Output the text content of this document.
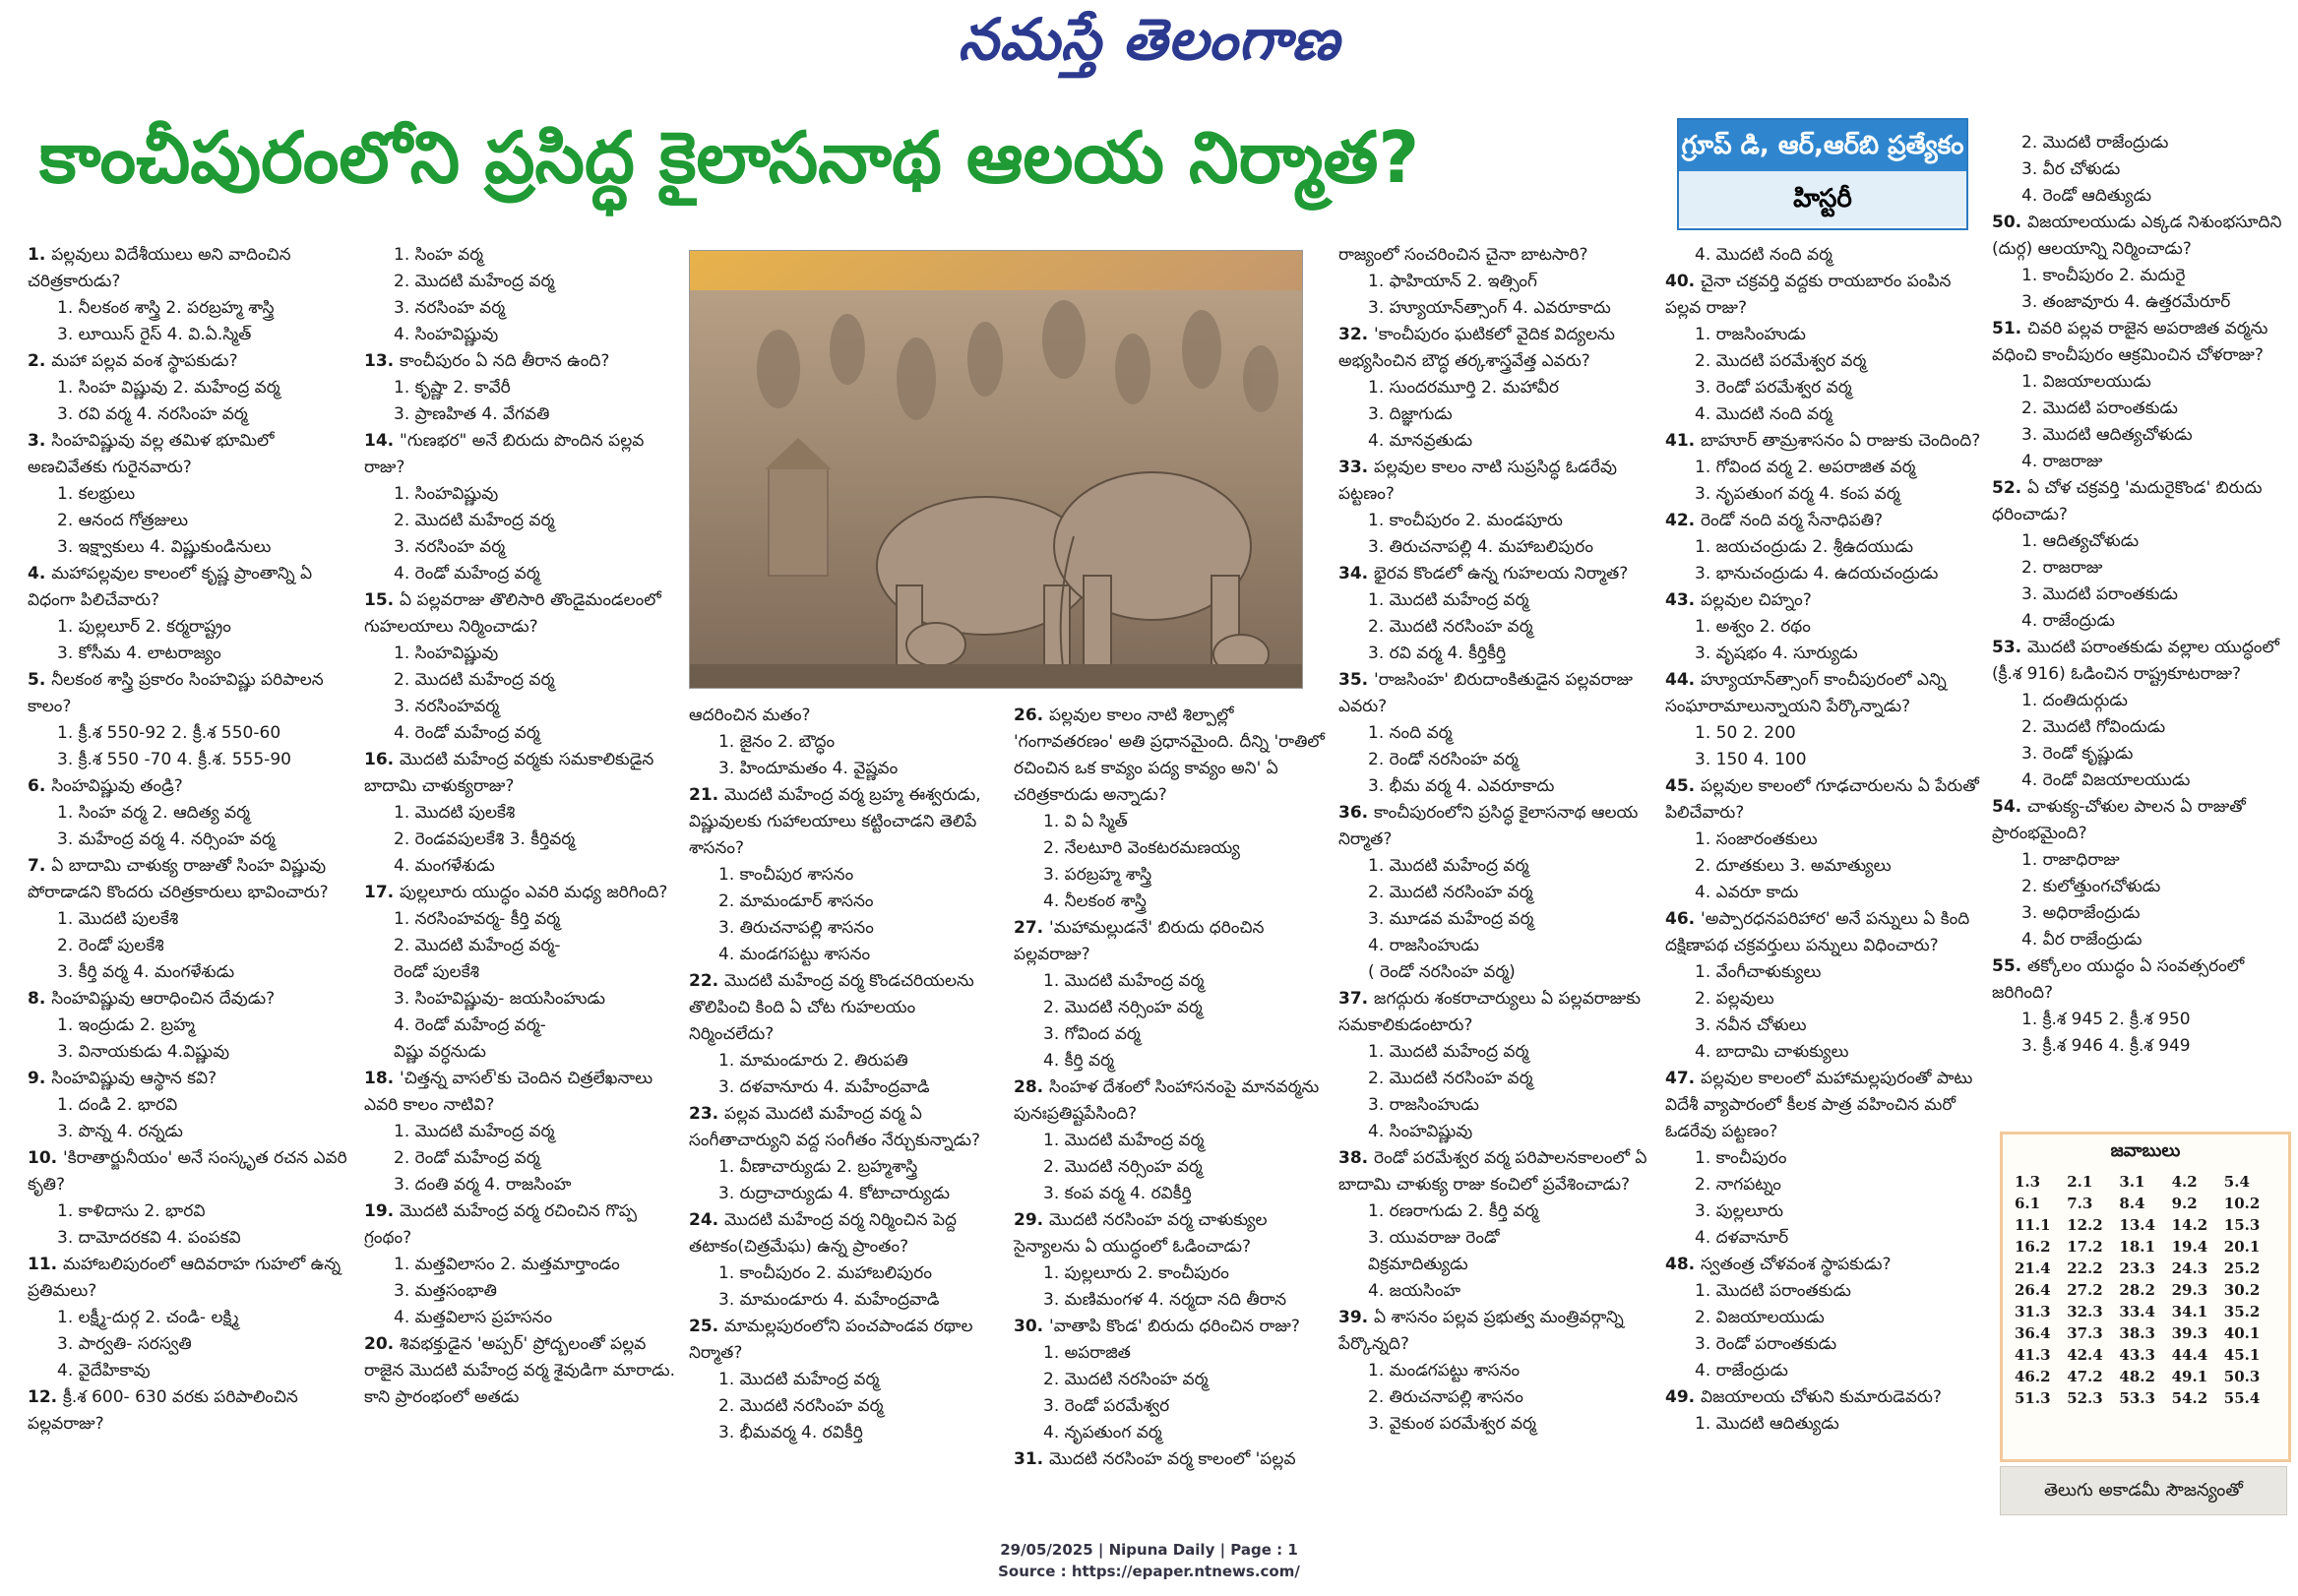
నమస్తే తెలంగాణ
కాంచీపురంలోని ప్రసిద్ధ కైలాసనాథ ఆలయ నిర్మాత?	గ్రూప్ డి, ఆర్,ఆర్‌బి ప్రత్యేకం
హిస్టరీ
1. పల్లవులు విదేశీయులు అని వాదించిన చరిత్రకారుడు?
1. నీలకంఠ శాస్త్రి 2. పరబ్రహ్మ శాస్త్రి
3. లూయిస్ రైస్ 4. వి.ఏ.స్మిత్
2. మహా పల్లవ వంశ స్థాపకుడు?
1. సింహ విష్ణువు 2. మహేంద్ర వర్మ
3. రవి వర్మ 4. నరసింహ వర్మ
3. సింహవిష్ణువు వల్ల తమిళ భూమిలో అణచివేతకు గురైనవారు?
1. కలభ్రులు
2. ఆనంద గోత్రజులు
3. ఇక్ష్వాకులు 4. విష్ణుకుండినులు
4. మహాపల్లవుల కాలంలో కృష్ణ ప్రాంతాన్ని ఏ విధంగా పిలిచేవారు?
1. పుల్లలూర్ 2. కర్మరాష్ట్రం
3. కోసీమ 4. లాటరాజ్యం
5. నీలకంఠ శాస్త్రి ప్రకారం సింహవిష్ణు పరిపాలన కాలం?
1. క్రీ.శ 550-92 2. క్రీ.శ 550-60
3. క్రీ.శ 550 -70 4. క్రీ.శ. 555-90
6. సింహవిష్ణువు తండ్రి?
1. సింహ వర్మ 2. ఆదిత్య వర్మ
3. మహేంద్ర వర్మ 4. నర్సింహ వర్మ
7. ఏ బాదామి చాళుక్య రాజుతో సింహ విష్ణువు పోరాడాడని కొందరు చరిత్రకారులు భావించారు?
1. మొదటి పులకేశి
2. రెండో పులకేశి
3. కీర్తి వర్మ 4. మంగళేశుడు
8. సింహవిష్ణువు ఆరాధించిన దేవుడు?
1. ఇంద్రుడు 2. బ్రహ్మ
3. వినాయకుడు 4.విష్ణువు
9. సింహవిష్ణువు ఆస్థాన కవి?
1. దండి 2. భారవి
3. పొన్న 4. రన్నడు
10. 'కిరాతార్జునీయం' అనే సంస్కృత రచన ఎవరి కృతి?
1. కాళిదాసు 2. భారవి
3. దామోదరకవి 4. పంపకవి
11. మహాబలిపురంలో ఆదివరాహ గుహలో ఉన్న ప్రతిమలు?
1. లక్ష్మీ-దుర్గ 2. చండి- లక్ష్మి
3. పార్వతి- సరస్వతి
4. వైదేహికావు
12. క్రీ.శ 600- 630 వరకు పరిపాలించిన పల్లవరాజు?
1. సింహ వర్మ
2. మొదటి మహేంద్ర వర్మ
3. నరసింహ వర్మ
4. సింహవిష్ణువు
13. కాంచీపురం ఏ నది తీరాన ఉంది?
1. కృష్ణా 2. కావేరీ
3. ప్రాణహిత 4. వేగవతి
14. "గుణభర" అనే బిరుదు పొందిన పల్లవ రాజు?
1. సింహవిష్ణువు
2. మొదటి మహేంద్ర వర్మ
3. నరసింహ వర్మ
4. రెండో మహేంద్ర వర్మ
15. ఏ పల్లవరాజు తొలిసారి తొండైమండలంలో గుహలయాలు నిర్మించాడు?
1. సింహవిష్ణువు
2. మొదటి మహేంద్ర వర్మ
3. నరసింహవర్మ
4. రెండో మహేంద్ర వర్మ
16. మొదటి మహేంద్ర వర్మకు సమకాలికుడైన బాదామి చాళుక్యరాజు?
1. మొదటి పులకేశి
2. రెండవపులకేశి 3. కీర్తివర్మ
4. మంగళేశుడు
17. పుల్లలూరు యుద్ధం ఎవరి మధ్య జరిగింది?
1. నరసింహవర్మ- కీర్తి వర్మ
2. మొదటి మహేంద్ర వర్మ-
రెండో పులకేశి
3. సింహవిష్ణువు- జయసింహుడు
4. రెండో మహేంద్ర వర్మ-
విష్ణు వర్ధనుడు
18. 'చిత్తన్న వాసల్'కు చెందిన చిత్రలేఖనాలు ఎవరి కాలం నాటివి?
1. మొదటి మహేంద్ర వర్మ
2. రెండో మహేంద్ర వర్మ
3. దంతి వర్మ 4. రాజసింహ
19. మొదటి మహేంద్ర వర్మ రచించిన గొప్ప గ్రంథం?
1. మత్తవిలాసం 2. మత్తమార్తాండం
3. మత్తసంభాతి
4. మత్తవిలాస ప్రహసనం
20. శివభక్తుడైన 'అప్పర్' ప్రోద్బలంతో పల్లవ రాజైన మొదటి మహేంద్ర వర్మ శైవుడిగా మారాడు. కాని ప్రారంభంలో అతడు
ఆదరించిన మతం?
1. జైనం 2. బౌద్ధం
3. హిందూమతం 4. వైష్ణవం
21. మొదటి మహేంద్ర వర్మ బ్రహ్మ ఈశ్వరుడు, విష్ణువులకు గుహాలయాలు కట్టించాడని తెలిపే శాసనం?
1. కాంచీపుర శాసనం
2. మామండూర్ శాసనం
3. తిరుచనాపల్లి శాసనం
4. మండగపట్టు శాసనం
22. మొదటి మహేంద్ర వర్మ కొండచరియలను తొలిపించి కింది ఏ చోట గుహలయం నిర్మించలేదు?
1. మామండూరు 2. తిరుపతి
3. దళవానూరు 4. మహేంద్రవాడి
23. పల్లవ మొదటి మహేంద్ర వర్మ ఏ సంగీతాచార్యుని వద్ద సంగీతం నేర్చుకున్నాడు?
1. వీణాచార్యుడు 2. బ్రహ్మశాస్త్రి
3. రుద్రాచార్యుడు 4. కోటాచార్యుడు
24. మొదటి మహేంద్ర వర్మ నిర్మించిన పెద్ద తటాకం(చిత్రమేఘ) ఉన్న ప్రాంతం?
1. కాంచీపురం 2. మహాబలిపురం
3. మామండూరు 4. మహేంద్రవాడి
25. మామల్లపురంలోని పంచపాండవ రథాల నిర్మాత?
1. మొదటి మహేంద్ర వర్మ
2. మొదటి నరసింహ వర్మ
3. భీమవర్మ 4. రవికీర్తి
26. పల్లవుల కాలం నాటి శిల్పాల్లో 'గంగావతరణం' అతి ప్రధానమైంది. దీన్ని 'రాతిలో రచించిన ఒక కావ్యం పద్య కావ్యం అని' ఏ చరిత్రకారుడు అన్నాడు?
1. వి ఏ స్మిత్
2. నేలటూరి వెంకటరమణయ్య
3. పరబ్రహ్మ శాస్త్రి
4. నీలకంఠ శాస్త్రి
27. 'మహామల్లుడనే' బిరుదు ధరించిన పల్లవరాజు?
1. మొదటి మహేంద్ర వర్మ
2. మొదటి నర్సింహ వర్మ
3. గోవింద వర్మ
4. కీర్తి వర్మ
28. సింహళ దేశంలో సింహాసనంపై మానవర్మను పునఃప్రతిష్టపేసింది?
1. మొదటి మహేంద్ర వర్మ
2. మొదటి నర్సింహ వర్మ
3. కంప వర్మ 4. రవికీర్తి
29. మొదటి నరసింహ వర్మ చాళుక్యుల సైన్యాలను ఏ యుద్ధంలో ఓడించాడు?
1. పుల్లలూరు 2. కాంచీపురం
3. మణిమంగళ 4. నర్మదా నది తీరాన
30. 'వాతాపి కొండ' బిరుదు ధరించిన రాజు?
1. అపరాజిత
2. మొదటి నరసింహ వర్మ
3. రెండో పరమేశ్వర
4. నృపతుంగ వర్మ
31. మొదటి నరసింహ వర్మ కాలంలో 'పల్లవ
రాజ్యంలో సంచరించిన చైనా బాటసారి?
1. ఫాహియాన్ 2. ఇత్సింగ్
3. హ్యూయాన్‌త్సాంగ్ 4. ఎవరూకాదు
32. 'కాంచీపురం ఘటికలో వైదిక విద్యలను అభ్యసించిన బౌద్ధ తర్కశాస్త్రవేత్త ఎవరు?
1. సుందరమూర్తి 2. మహావీర
3. దిజ్ఞాగుడు
4. మానవ్రతుడు
33. పల్లవుల కాలం నాటి సుప్రసిద్ధ ఓడరేవు పట్టణం?
1. కాంచీపురం 2. మండపూరు
3. తిరుచనాపల్లి 4. మహాబలిపురం
34. భైరవ కొండలో ఉన్న గుహలయ నిర్మాత?
1. మొదటి మహేంద్ర వర్మ
2. మొదటి నరసింహ వర్మ
3. రవి వర్మ 4. కీర్తికీర్తి
35. 'రాజసింహ' బిరుదాంకితుడైన పల్లవరాజు ఎవరు?
1. నంది వర్మ
2. రెండో నరసింహ వర్మ
3. భీమ వర్మ 4. ఎవరూకాదు
36. కాంచీపురంలోని ప్రసిద్ధ కైలాసనాథ ఆలయ నిర్మాత?
1. మొదటి మహేంద్ర వర్మ
2. మొదటి నరసింహ వర్మ
3. మూడవ మహేంద్ర వర్మ
4. రాజసింహుడు
( రెండో నరసింహ వర్మ)
37. జగద్గురు శంకరాచార్యులు ఏ పల్లవరాజుకు సమకాలికుడంటారు?
1. మొదటి మహేంద్ర వర్మ
2. మొదటి నరసింహ వర్మ
3. రాజసింహుడు
4. సింహవిష్ణువు
38. రెండో పరమేశ్వర వర్మ పరిపాలనకాలంలో ఏ బాదామి చాళుక్య రాజు కంచిలో ప్రవేశించాడు?
1. రణరాగుడు 2. కీర్తి వర్మ
3. యువరాజు రెండో
విక్రమాదిత్యుడు
4. జయసింహ
39. ఏ శాసనం పల్లవ ప్రభుత్వ మంత్రివర్గాన్ని పేర్కొన్నది?
1. మండగపట్టు శాసనం
2. తిరుచనాపల్లి శాసనం
3. వైకుంఠ పరమేశ్వర వర్మ
4. మొదటి నంది వర్మ
40. చైనా చక్రవర్తి వద్దకు రాయబారం పంపిన పల్లవ రాజు?
1. రాజసింహుడు
2. మొదటి పరమేశ్వర వర్మ
3. రెండో పరమేశ్వర వర్మ
4. మొదటి నంది వర్మ
41. బాహూర్ తామ్రశాసనం ఏ రాజుకు చెందింది?
1. గోవింద వర్మ 2. అపరాజిత వర్మ
3. నృపతుంగ వర్మ 4. కంప వర్మ
42. రెండో నంది వర్మ సేనాధిపతి?
1. జయచంద్రుడు 2. శ్రీఉదయుడు
3. భానుచంద్రుడు 4. ఉదయచంద్రుడు
43. పల్లవుల చిహ్నం?
1. అశ్వం 2. రథం
3. వృషభం 4. సూర్యుడు
44. హ్యూయాన్‌త్సాంగ్ కాంచీపురంలో ఎన్ని సంఘారామాలున్నాయని పేర్కొన్నాడు?
1. 50 2. 200
3. 150 4. 100
45. పల్లవుల కాలంలో గూఢచారులను ఏ పేరుతో పిలిచేవారు?
1. సంజారంతకులు
2. దూతకులు 3. అమాత్యులు
4. ఎవరూ కాదు
46. 'అప్పారధనపరిహార' అనే పన్నులు ఏ కింది దక్షిణాపథ చక్రవర్తులు పన్నులు విధించారు?
1. వేంగీచాళుక్యులు
2. పల్లవులు
3. నవీన చోళులు
4. బాదామి చాళుక్యులు
47. పల్లవుల కాలంలో మహామల్లపురంతో పాటు విదేశీ వ్యాపారంలో కీలక పాత్ర వహించిన మరో ఓడరేవు పట్టణం?
1. కాంచీపురం
2. నాగపట్నం
3. పుల్లలూరు
4. దళవానూర్
48. స్వతంత్ర చోళవంశ స్థాపకుడు?
1. మొదటి పరాంతకుడు
2. విజయాలయుడు
3. రెండో పరాంతకుడు
4. రాజేంద్రుడు
49. విజయాలయ చోళుని కుమారుడెవరు?
1. మొదటి ఆదిత్యుడు
2. మొదటి రాజేంద్రుడు
3. వీర చోళుడు
4. రెండో ఆదిత్యుడు
50. విజయాలయుడు ఎక్కడ నిశుంభసూదిని (దుర్గ) ఆలయాన్ని నిర్మించాడు?
1. కాంచీపురం 2. మదురై
3. తంజావూరు 4. ఉత్తరమేరూర్
51. చివరి పల్లవ రాజైన అపరాజిత వర్మను వధించి కాంచీపురం ఆక్రమించిన చోళరాజు?
1. విజయాలయుడు
2. మొదటి పరాంతకుడు
3. మొదటి ఆదిత్యచోళుడు
4. రాజరాజు
52. ఏ చోళ చక్రవర్తి 'మదురైకొండ' బిరుదు ధరించాడు?
1. ఆదిత్యచోళుడు
2. రాజరాజు
3. మొదటి పరాంతకుడు
4. రాజేంద్రుడు
53. మొదటి పరాంతకుడు వల్లాల యుద్ధంలో (క్రీ.శ 916) ఓడించిన రాష్ట్రకూటరాజు?
1. దంతిదుర్గుడు
2. మొదటి గోవిందుడు
3. రెండో కృష్ణుడు
4. రెండో విజయాలయుడు
54. చాళుక్య-చోళుల పాలన ఏ రాజుతో ప్రారంభమైంది?
1. రాజాధిరాజు
2. కులోత్తుంగచోళుడు
3. అధిరాజేంద్రుడు
4. వీర రాజేంద్రుడు
55. తక్కోలం యుద్ధం ఏ సంవత్సరంలో జరిగింది?
1. క్రీ.శ 945 2. క్రీ.శ 950
3. క్రీ.శ 946 4. క్రీ.శ 949
జవాబులు
1.3	2.1	3.1	4.2	5.4
6.1	7.3	8.4	9.2	10.2
11.1	12.2	13.4	14.2	15.3
16.2	17.2	18.1	19.4	20.1
21.4	22.2	23.3	24.3	25.2
26.4	27.2	28.2	29.3	30.2
31.3	32.3	33.4	34.1	35.2
36.4	37.3	38.3	39.3	40.1
41.3	42.4	43.3	44.4	45.1
46.2	47.2	48.2	49.1	50.3
51.3	52.3	53.3	54.2	55.4
తెలుగు అకాడమీ సౌజన్యంతో
29/05/2025 | Nipuna Daily | Page : 1
Source : https://epaper.ntnews.com/
